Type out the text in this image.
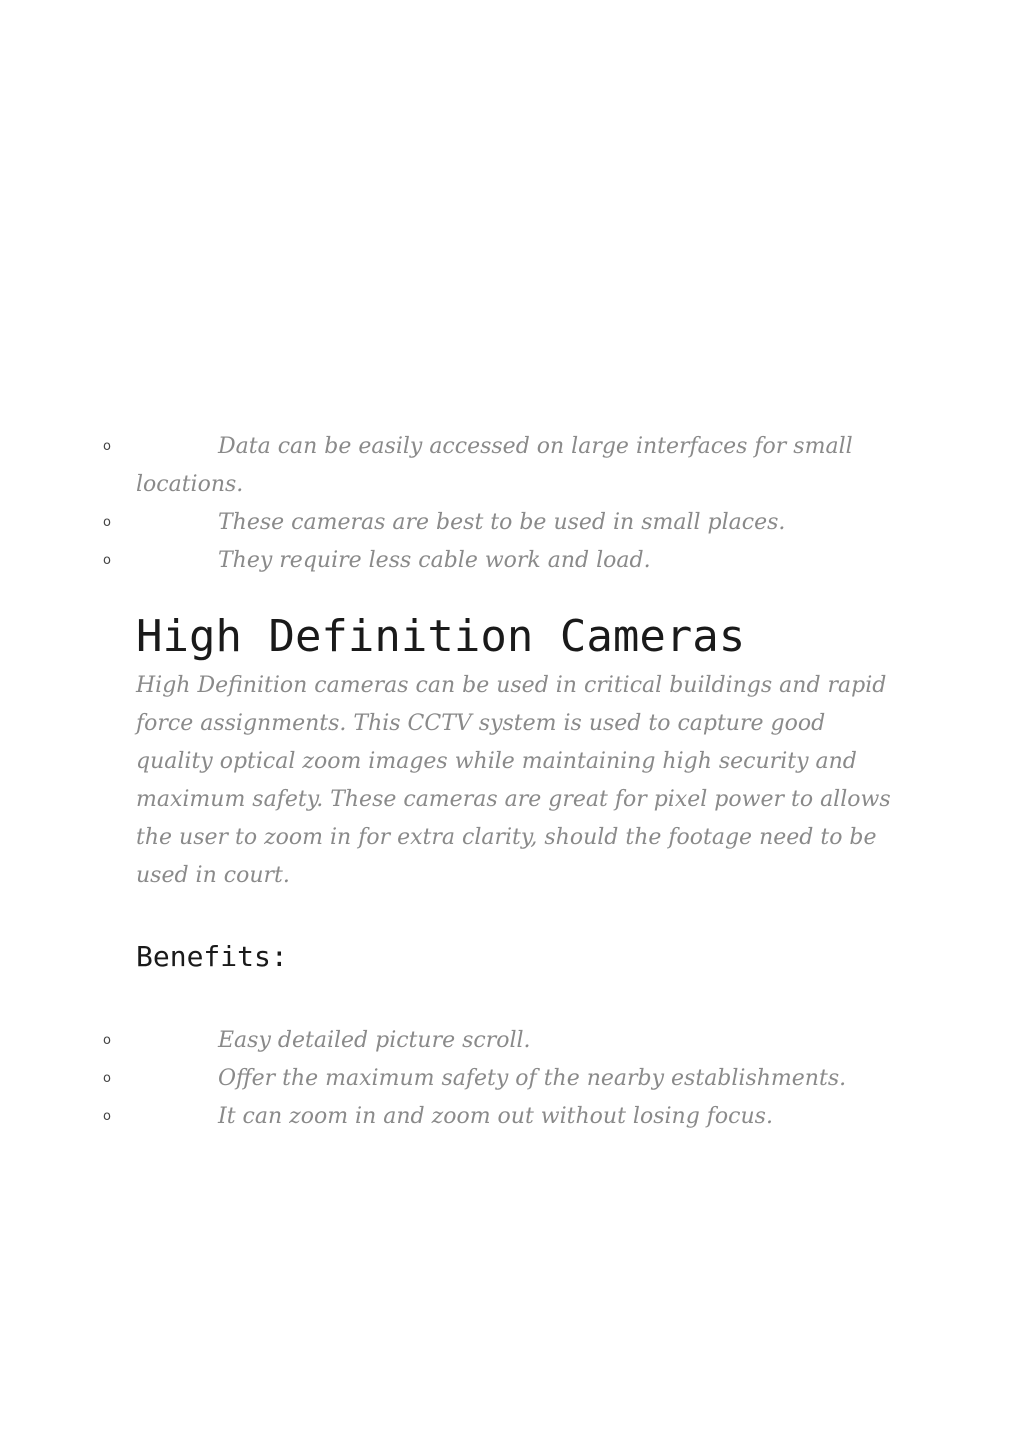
o	Data can be easily accessed on large interfaces for small locations.
o	These cameras are best to be used in small places.
o	They require less cable work and load.
High Definition Cameras

High Definition cameras can be used in critical buildings and rapid force assignments. This CCTV system is used to capture good quality optical zoom images while maintaining high security and maximum safety. These cameras are great for pixel power to allows the user to zoom in for extra clarity, should the footage need to be used in court.

Benefits:
o	Easy detailed picture scroll.
o	Offer the maximum safety of the nearby establishments.
o	It can zoom in and zoom out without losing focus.
